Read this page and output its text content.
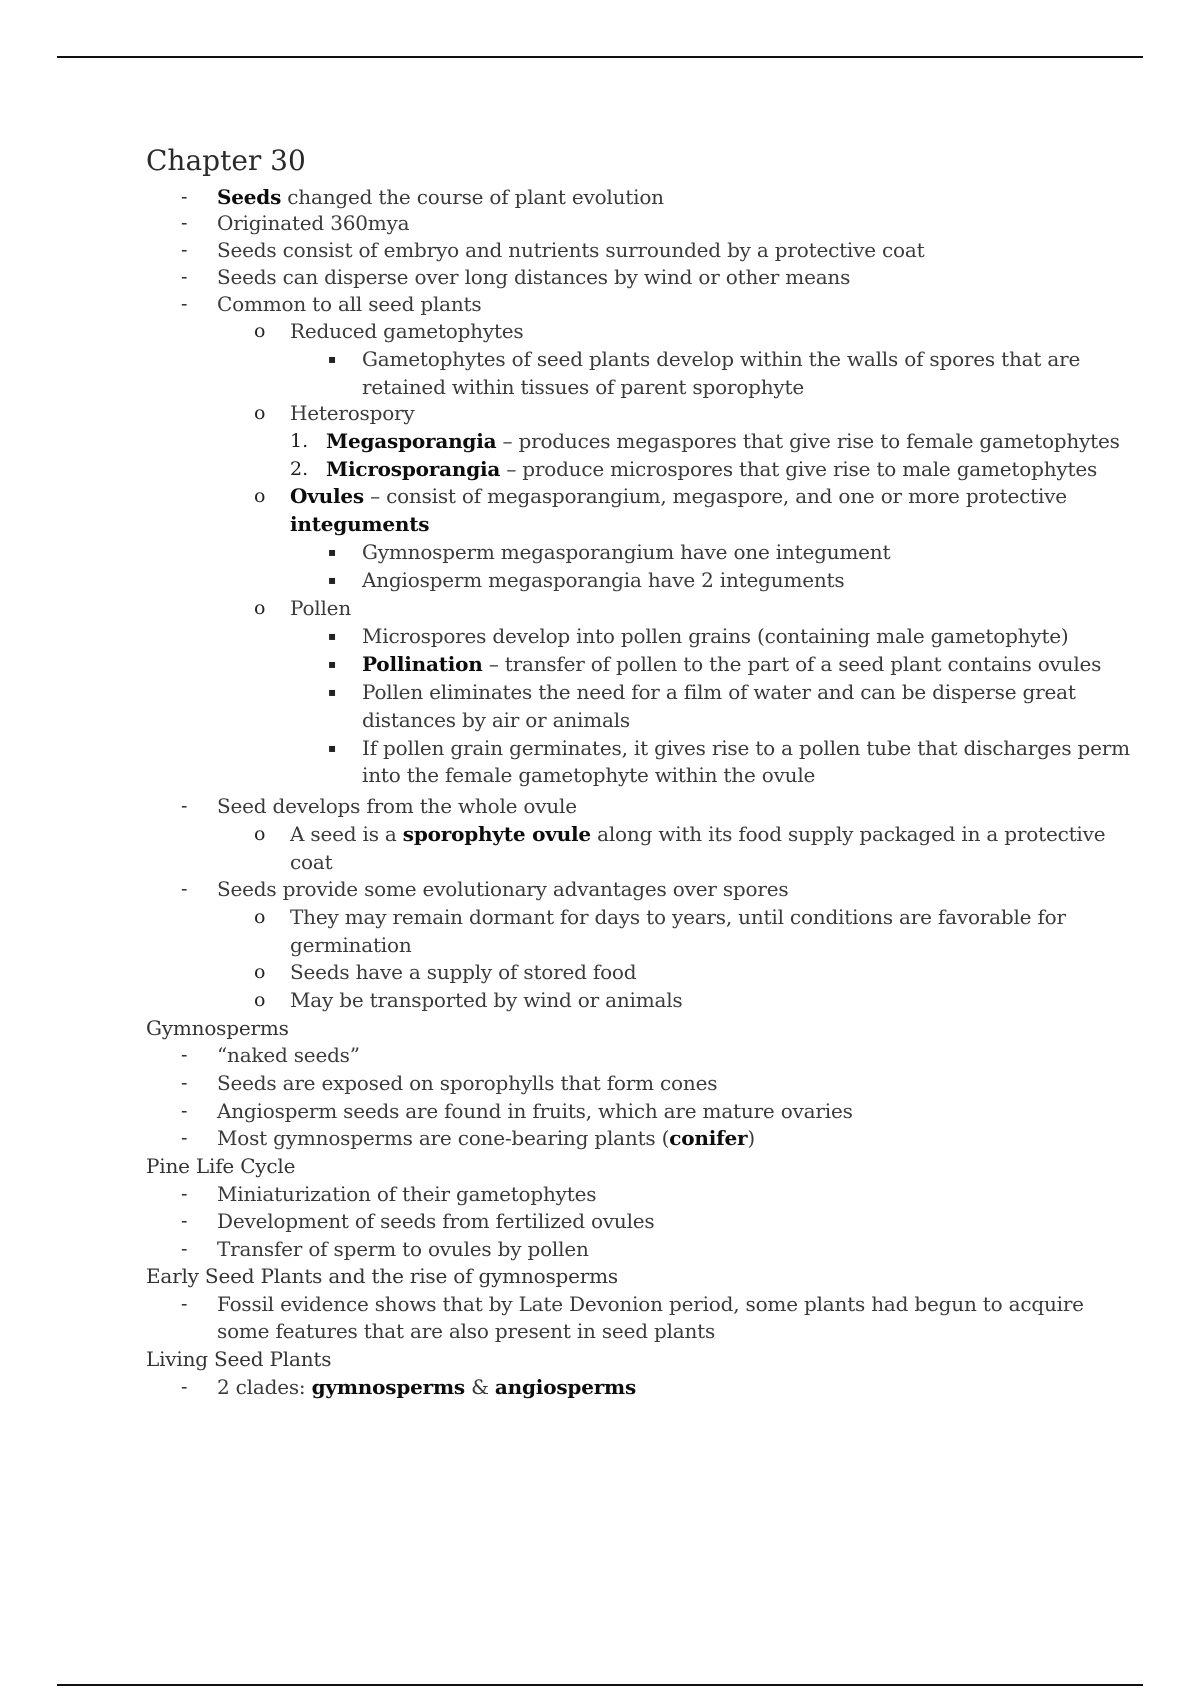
Chapter 30
- Seeds changed the course of plant evolution
- Originated 360mya
- Seeds consist of embryo and nutrients surrounded by a protective coat
- Seeds can disperse over long distances by wind or other means
- Common to all seed plants
o Reduced gametophytes
▪ Gametophytes of seed plants develop within the walls of spores that are
retained within tissues of parent sporophyte
o Heterospory
1. Megasporangia – produces megaspores that give rise to female gametophytes
2. Microsporangia – produce microspores that give rise to male gametophytes
o Ovules – consist of megasporangium, megaspore, and one or more protective
integuments
▪ Gymnosperm megasporangium have one integument
▪ Angiosperm megasporangia have 2 integuments
o Pollen
▪ Microspores develop into pollen grains (containing male gametophyte)
▪ Pollination – transfer of pollen to the part of a seed plant contains ovules
▪ Pollen eliminates the need for a film of water and can be disperse great
distances by air or animals
▪ If pollen grain germinates, it gives rise to a pollen tube that discharges perm
into the female gametophyte within the ovule
- Seed develops from the whole ovule
o A seed is a sporophyte ovule along with its food supply packaged in a protective
coat
- Seeds provide some evolutionary advantages over spores
o They may remain dormant for days to years, until conditions are favorable for
germination
o Seeds have a supply of stored food
o May be transported by wind or animals
Gymnosperms
- “naked seeds”
- Seeds are exposed on sporophylls that form cones
- Angiosperm seeds are found in fruits, which are mature ovaries
- Most gymnosperms are cone-bearing plants (conifer)
Pine Life Cycle
- Miniaturization of their gametophytes
- Development of seeds from fertilized ovules
- Transfer of sperm to ovules by pollen
Early Seed Plants and the rise of gymnosperms
- Fossil evidence shows that by Late Devonion period, some plants had begun to acquire
some features that are also present in seed plants
Living Seed Plants
- 2 clades: gymnosperms & angiosperms
